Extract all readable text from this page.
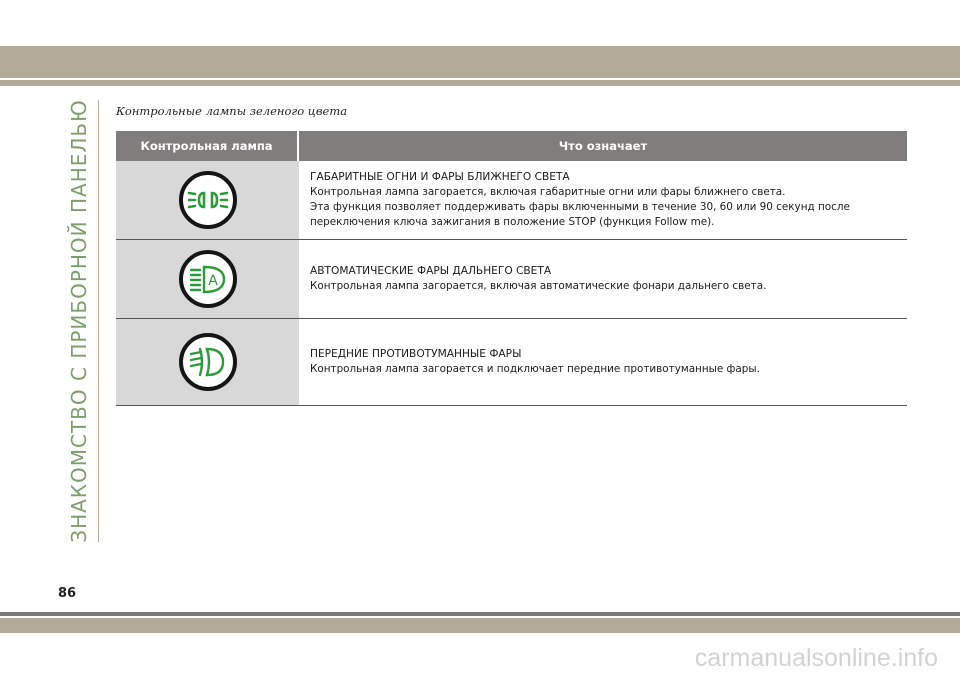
ЗНАКОМСТВО С ПРИБОРНОЙ ПАНЕЛЬЮ Контрольные лампы зеленого цвета
Контрольная лампа	Что означает
ГАБАРИТНЫЕ ОГНИ И ФАРЫ БЛИЖНЕГО СВЕТА
Контрольная лампа загорается, включая габаритные огни или фары ближнего света.
Эта функция позволяет поддерживать фары включенными в течение 30, 60 или 90 секунд после
переключения ключа зажигания в положение STOP (функция Follow me).
A
АВТОМАТИЧЕСКИЕ ФАРЫ ДАЛЬНЕГО СВЕТА
Контрольная лампа загорается, включая автоматические фонари дальнего света.
ПЕРЕДНИЕ ПРОТИВОТУМАННЫЕ ФАРЫ
Контрольная лампа загорается и подключает передние противотуманные фары.
86
carmanualsonline.info
